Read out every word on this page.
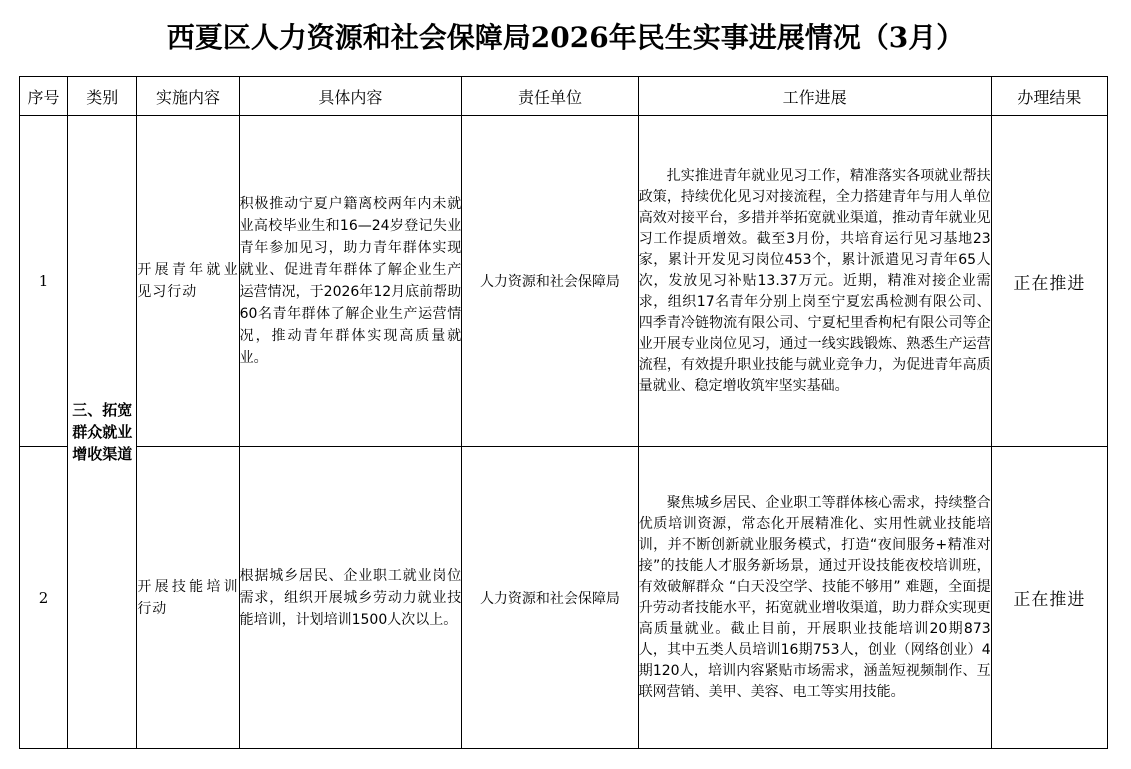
西夏区人力资源和社会保障局2026年民生实事进展情况（3月）
序号	类别	实施内容	具体内容	责任单位	工作进展	办理结果
1	三、拓宽群众就业增收渠道	开展青年就业见习行动	积极推动宁夏户籍离校两年内未就业高校毕业生和16—24岁登记失业青年参加见习，助力青年群体实现就业、促进青年群体了解企业生产运营情况，于2026年12月底前帮助60名青年群体了解企业生产运营情况，推动青年群体实现高质量就业。	人力资源和社会保障局	扎实推进青年就业见习工作，精准落实各项就业帮扶政策，持续优化见习对接流程，全力搭建青年与用人单位高效对接平台，多措并举拓宽就业渠道，推动青年就业见习工作提质增效。截至3月份，共培育运行见习基地23家，累计开发见习岗位453个，累计派遣见习青年65人次，发放见习补贴13.37万元。近期，精准对接企业需求，组织17名青年分别上岗至宁夏宏禹检测有限公司、四季青冷链物流有限公司、宁夏杞里香枸杞有限公司等企业开展专业岗位见习，通过一线实践锻炼、熟悉生产运营流程，有效提升职业技能与就业竞争力，为促进青年高质量就业、稳定增收筑牢坚实基础。	正在推进
2		开展技能培训行动	根据城乡居民、企业职工就业岗位需求，组织开展城乡劳动力就业技能培训，计划培训1500人次以上。	人力资源和社会保障局	聚焦城乡居民、企业职工等群体核心需求，持续整合优质培训资源，常态化开展精准化、实用性就业技能培训，并不断创新就业服务模式，打造“夜间服务+精准对接”的技能人才服务新场景，通过开设技能夜校培训班，有效破解群众 “白天没空学、技能不够用” 难题，全面提升劳动者技能水平，拓宽就业增收渠道，助力群众实现更高质量就业。截止目前，开展职业技能培训20期873人，其中五类人员培训16期753人，创业（网络创业）4期120人，培训内容紧贴市场需求，涵盖短视频制作、互联网营销、美甲、美容、电工等实用技能。	正在推进
